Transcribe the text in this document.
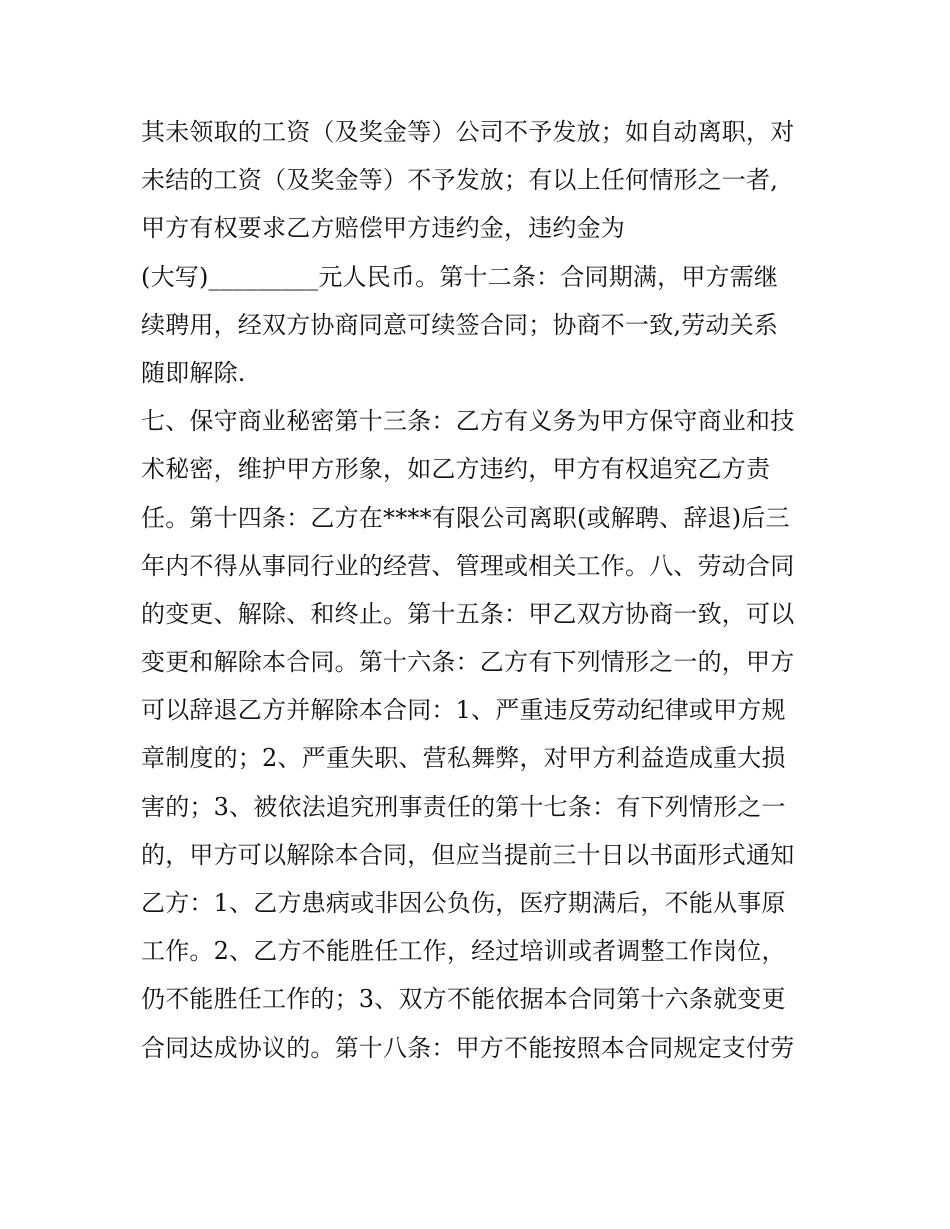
其未领取的工资（及奖金等）公司不予发放；如自动离职，对
未结的工资（及奖金等）不予发放；有以上任何情形之一者,
甲方有权要求乙方赔偿甲方违约金，违约金为
(大写)_________元人民币。第十二条：合同期满，甲方需继
续聘用，经双方协商同意可续签合同；协商不一致,劳动关系
随即解除.
七、保守商业秘密第十三条：乙方有义务为甲方保守商业和技
术秘密，维护甲方形象，如乙方违约，甲方有权追究乙方责
任。第十四条：乙方在****有限公司离职(或解聘、辞退)后三
年内不得从事同行业的经营、管理或相关工作。八、劳动合同
的变更、解除、和终止。第十五条：甲乙双方协商一致，可以
变更和解除本合同。第十六条：乙方有下列情形之一的，甲方
可以辞退乙方并解除本合同：1、严重违反劳动纪律或甲方规
章制度的；2、严重失职、营私舞弊，对甲方利益造成重大损
害的；3、被依法追究刑事责任的第十七条：有下列情形之一
的，甲方可以解除本合同，但应当提前三十日以书面形式通知
乙方：1、乙方患病或非因公负伤，医疗期满后，不能从事原
工作。2、乙方不能胜任工作，经过培训或者调整工作岗位，
仍不能胜任工作的；3、双方不能依据本合同第十六条就变更
合同达成协议的。第十八条：甲方不能按照本合同规定支付劳
